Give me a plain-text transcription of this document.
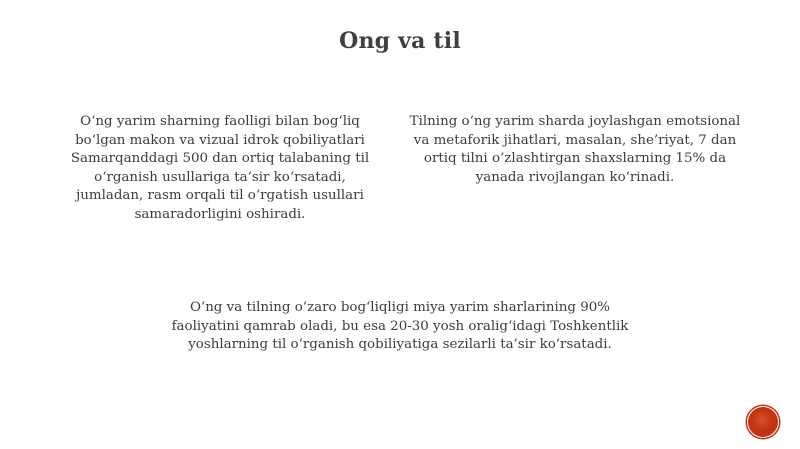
Ong va til
O‘ng yarim sharning faolligi bilan bog‘liq
bo‘lgan makon va vizual idrok qobiliyatlari
Samarqanddagi 500 dan ortiq talabaning til
o‘rganish usullariga ta’sir ko‘rsatadi,
jumladan, rasm orqali til o‘rgatish usullari
samaradorligini oshiradi.
Tilning o‘ng yarim sharda joylashgan emotsional
va metaforik jihatlari, masalan, she’riyat, 7 dan
ortiq tilni o‘zlashtirgan shaxslarning 15% da
yanada rivojlangan ko‘rinadi.
O‘ng va tilning o‘zaro bog‘liqligi miya yarim sharlarining 90%
faoliyatini qamrab oladi, bu esa 20-30 yosh oralig‘idagi Toshkentlik
yoshlarning til o‘rganish qobiliyatiga sezilarli ta’sir ko‘rsatadi.
